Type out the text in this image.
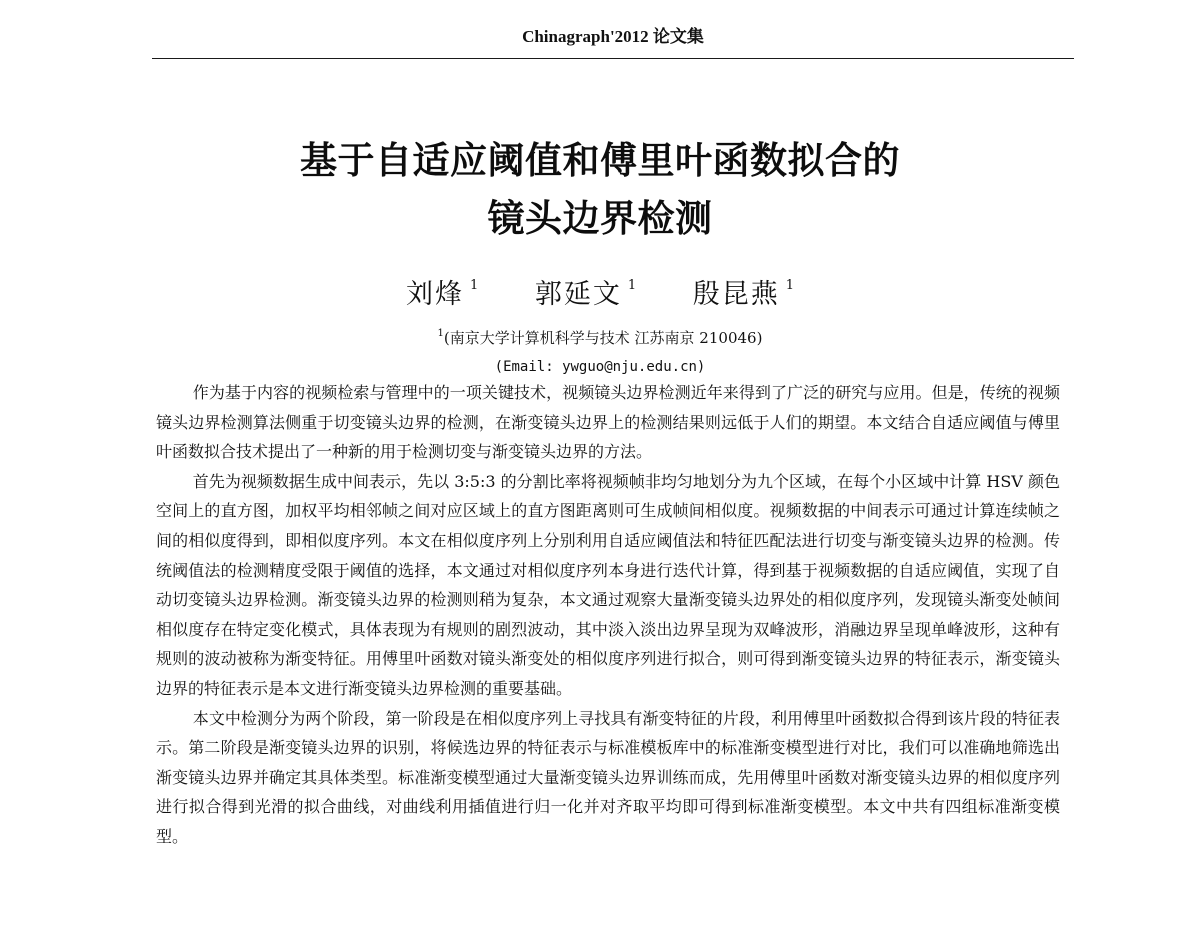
Chinagraph'2012 论文集
基于自适应阈值和傅里叶函数拟合的
镜头边界检测
刘烽 $^1$ 郭延文 $^1$ 殷昆燕 $^1$
$^1$(南京大学计算机科学与技术 江苏南京 210046)
(Email: ywguo@nju.edu.cn)

作为基于内容的视频检索与管理中的一项关键技术，视频镜头边界检测近年来得到了广泛的研究与应用。但是，传统的视频镜头边界检测算法侧重于切变镜头边界的检测，在渐变镜头边界上的检测结果则远低于人们的期望。本文结合自适应阈值与傅里叶函数拟合技术提出了一种新的用于检测切变与渐变镜头边界的方法。

首先为视频数据生成中间表示，先以 3:5:3 的分割比率将视频帧非均匀地划分为九个区域，在每个小区域中计算 HSV 颜色空间上的直方图，加权平均相邻帧之间对应区域上的直方图距离则可生成帧间相似度。视频数据的中间表示可通过计算连续帧之间的相似度得到，即相似度序列。本文在相似度序列上分别利用自适应阈值法和特征匹配法进行切变与渐变镜头边界的检测。传统阈值法的检测精度受限于阈值的选择，本文通过对相似度序列本身进行迭代计算，得到基于视频数据的自适应阈值，实现了自动切变镜头边界检测。渐变镜头边界的检测则稍为复杂，本文通过观察大量渐变镜头边界处的相似度序列，发现镜头渐变处帧间相似度存在特定变化模式，具体表现为有规则的剧烈波动，其中淡入淡出边界呈现为双峰波形，消融边界呈现单峰波形，这种有规则的波动被称为渐变特征。用傅里叶函数对镜头渐变处的相似度序列进行拟合，则可得到渐变镜头边界的特征表示，渐变镜头边界的特征表示是本文进行渐变镜头边界检测的重要基础。

本文中检测分为两个阶段，第一阶段是在相似度序列上寻找具有渐变特征的片段，利用傅里叶函数拟合得到该片段的特征表示。第二阶段是渐变镜头边界的识别，将候选边界的特征表示与标准模板库中的标准渐变模型进行对比，我们可以准确地筛选出渐变镜头边界并确定其具体类型。标准渐变模型通过大量渐变镜头边界训练而成，先用傅里叶函数对渐变镜头边界的相似度序列进行拟合得到光滑的拟合曲线，对曲线利用插值进行归一化并对齐取平均即可得到标准渐变模型。本文中共有四组标准渐变模型。
